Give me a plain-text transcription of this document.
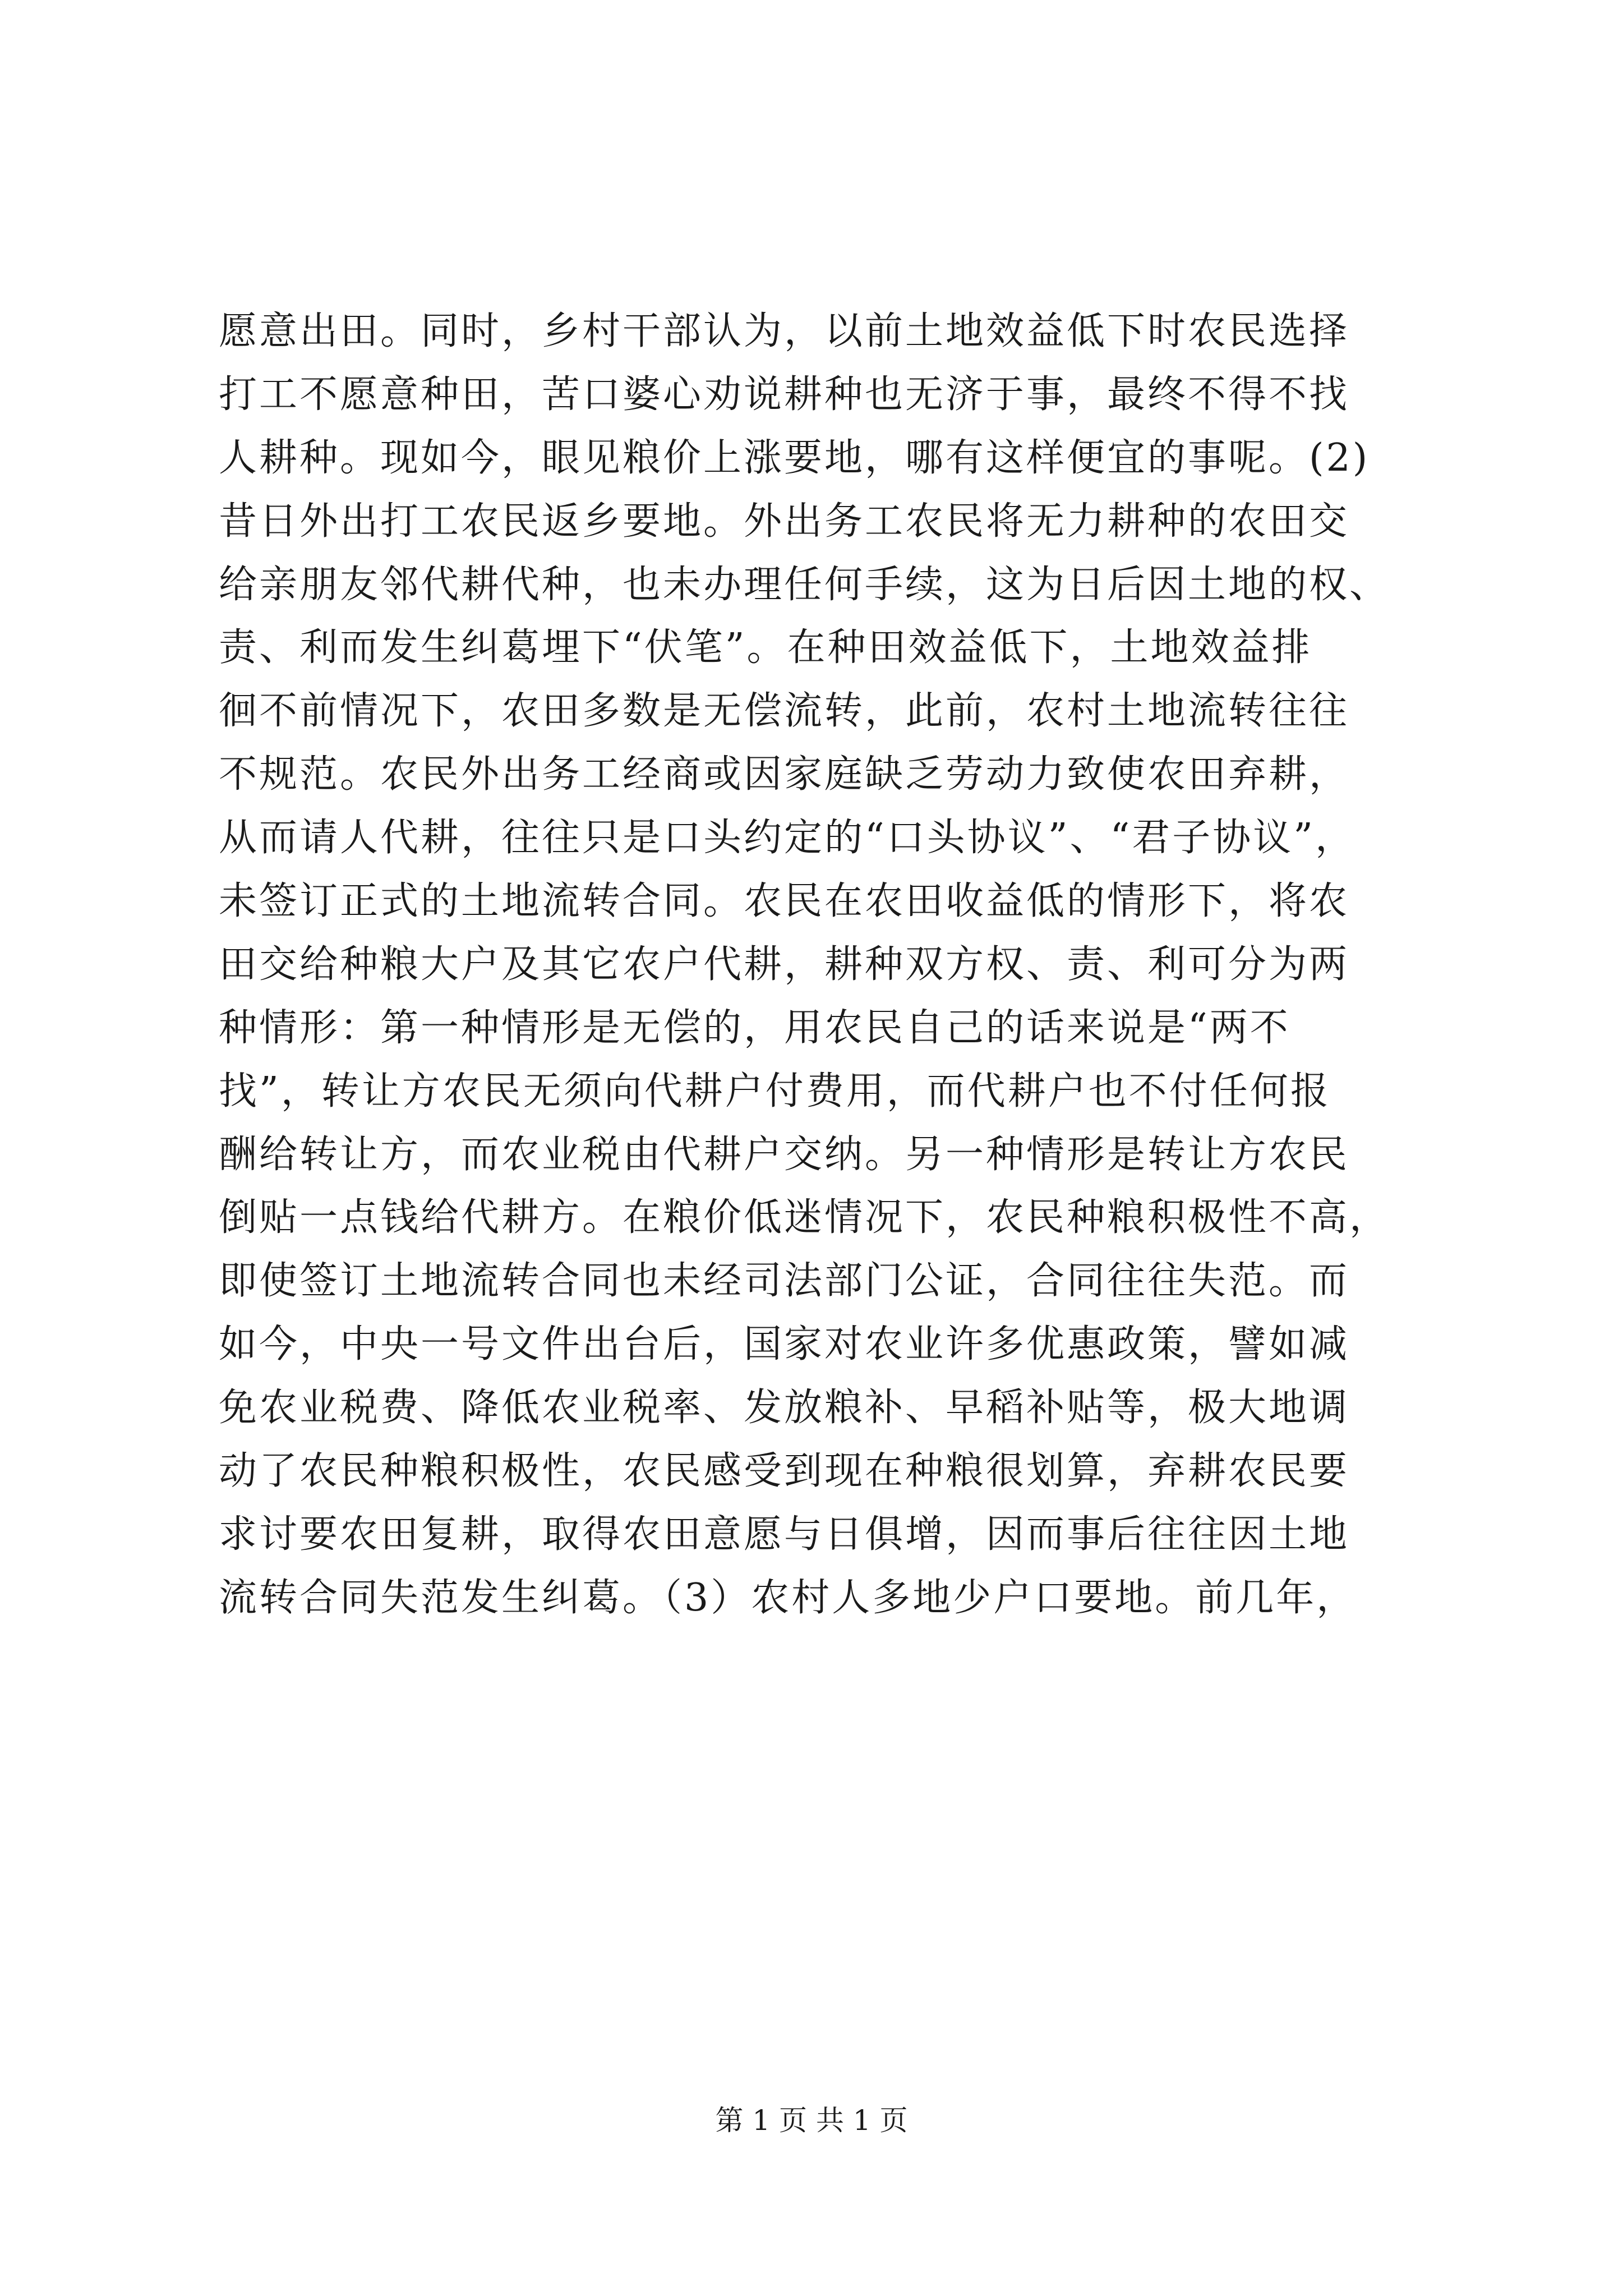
愿意出田。同时，乡村干部认为，以前土地效益低下时农民选择
打工不愿意种田，苦口婆心劝说耕种也无济于事，最终不得不找
人耕种。现如今，眼见粮价上涨要地，哪有这样便宜的事呢。(2)
昔日外出打工农民返乡要地。外出务工农民将无力耕种的农田交
给亲朋友邻代耕代种，也未办理任何手续，这为日后因土地的权、
责、利而发生纠葛埋下“伏笔”。在种田效益低下，土地效益排
徊不前情况下，农田多数是无偿流转，此前，农村土地流转往往
不规范。农民外出务工经商或因家庭缺乏劳动力致使农田弃耕，
从而请人代耕，往往只是口头约定的“口头协议”、“君子协议”，
未签订正式的土地流转合同。农民在农田收益低的情形下，将农
田交给种粮大户及其它农户代耕，耕种双方权、责、利可分为两
种情形：第一种情形是无偿的，用农民自己的话来说是“两不
找”，转让方农民无须向代耕户付费用，而代耕户也不付任何报
酬给转让方，而农业税由代耕户交纳。另一种情形是转让方农民
倒贴一点钱给代耕方。在粮价低迷情况下，农民种粮积极性不高，
即使签订土地流转合同也未经司法部门公证，合同往往失范。而
如今，中央一号文件出台后，国家对农业许多优惠政策，譬如减
免农业税费、降低农业税率、发放粮补、早稻补贴等，极大地调
动了农民种粮积极性，农民感受到现在种粮很划算，弃耕农民要
求讨要农田复耕，取得农田意愿与日俱增，因而事后往往因土地
流转合同失范发生纠葛。（3）农村人多地少户口要地。前几年，
第 1 页 共 1 页
